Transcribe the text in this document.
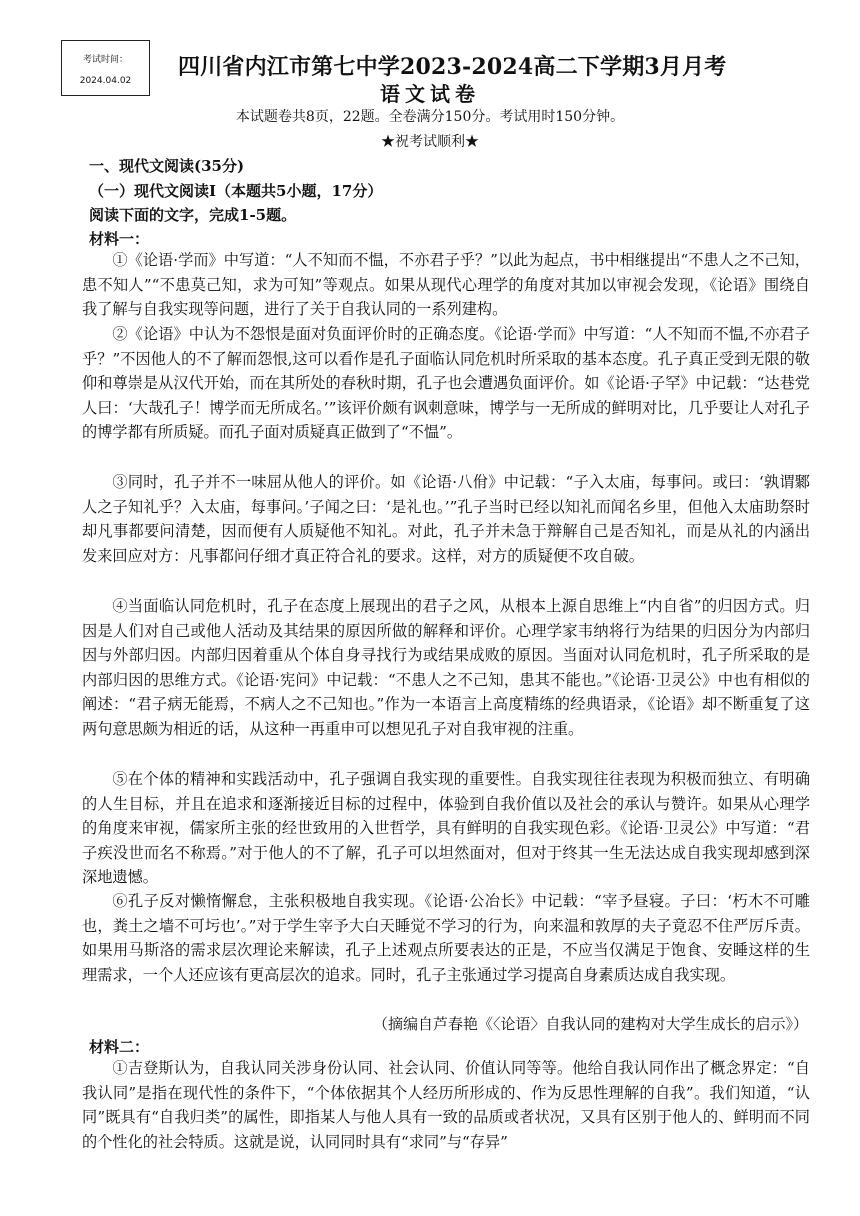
考试时间：
2024.04.02
四川省内江市第七中学2023-2024高二下学期3月月考
语文试卷
本试题卷共8页，22题。全卷满分150分。考试用时150分钟。
★祝考试顺利★
一、现代文阅读(35分)
（一）现代文阅读I（本题共5小题，17分）
阅读下面的文字，完成1-5题。
材料一：

①《论语·学而》中写道：“人不知而不愠，不亦君子乎？”以此为起点，书中相继提出“不患人之不己知，患不知人”“不患莫己知，求为可知”等观点。如果从现代心理学的角度对其加以审视会发现，《论语》围绕自我了解与自我实现等问题，进行了关于自我认同的一系列建构。

②《论语》中认为不怨恨是面对负面评价时的正确态度。《论语·学而》中写道：“人不知而不愠,不亦君子乎？”不因他人的不了解而怨恨,这可以看作是孔子面临认同危机时所采取的基本态度。孔子真正受到无限的敬仰和尊崇是从汉代开始，而在其所处的春秋时期，孔子也会遭遇负面评价。如《论语·子罕》中记载：“达巷党人曰：‘大哉孔子！博学而无所成名。’”该评价颇有讽刺意味，博学与一无所成的鲜明对比，几乎要让人对孔子的博学都有所质疑。而孔子面对质疑真正做到了“不愠”。

③同时，孔子并不一味屈从他人的评价。如《论语·八佾》中记载：“子入太庙，每事问。或曰：‘孰谓鄹人之子知礼乎？入太庙，每事问。’子闻之曰：‘是礼也。’”孔子当时已经以知礼而闻名乡里，但他入太庙助祭时却凡事都要问清楚，因而便有人质疑他不知礼。对此，孔子并未急于辩解自己是否知礼，而是从礼的内涵出发来回应对方：凡事都问仔细才真正符合礼的要求。这样，对方的质疑便不攻自破。

④当面临认同危机时，孔子在态度上展现出的君子之风，从根本上源自思维上“内自省”的归因方式。归因是人们对自己或他人活动及其结果的原因所做的解释和评价。心理学家韦纳将行为结果的归因分为内部归因与外部归因。内部归因着重从个体自身寻找行为或结果成败的原因。当面对认同危机时，孔子所采取的是内部归因的思维方式。《论语·宪问》中记载：“不患人之不己知，患其不能也。”《论语·卫灵公》中也有相似的阐述：“君子病无能焉，不病人之不己知也。”作为一本语言上高度精练的经典语录，《论语》却不断重复了这两句意思颇为相近的话，从这种一再重申可以想见孔子对自我审视的注重。

⑤在个体的精神和实践活动中，孔子强调自我实现的重要性。自我实现往往表现为积极而独立、有明确的人生目标，并且在追求和逐渐接近目标的过程中，体验到自我价值以及社会的承认与赞许。如果从心理学的角度来审视，儒家所主张的经世致用的入世哲学，具有鲜明的自我实现色彩。《论语·卫灵公》中写道：“君子疾没世而名不称焉。”对于他人的不了解，孔子可以坦然面对，但对于终其一生无法达成自我实现却感到深深地遗憾。

⑥孔子反对懒惰懈怠，主张积极地自我实现。《论语·公冶长》中记载：“宰予昼寝。子曰：‘朽木不可雕也，粪土之墙不可圬也’。”对于学生宰予大白天睡觉不学习的行为，向来温和敦厚的夫子竟忍不住严厉斥责。如果用马斯洛的需求层次理论来解读，孔子上述观点所要表达的正是，不应当仅满足于饱食、安睡这样的生理需求，一个人还应该有更高层次的追求。同时，孔子主张通过学习提高自身素质达成自我实现。

（摘编自芦春艳《〈论语〉自我认同的建构对大学生成长的启示》）
材料二：

①吉登斯认为，自我认同关涉身份认同、社会认同、价值认同等等。他给自我认同作出了概念界定：“自我认同”是指在现代性的条件下，“个体依据其个人经历所形成的、作为反思性理解的自我”。我们知道，“认同”既具有“自我归类”的属性，即指某人与他人具有一致的品质或者状况，又具有区别于他人的、鲜明而不同的个性化的社会特质。这就是说，认同同时具有“求同”与“存异”
